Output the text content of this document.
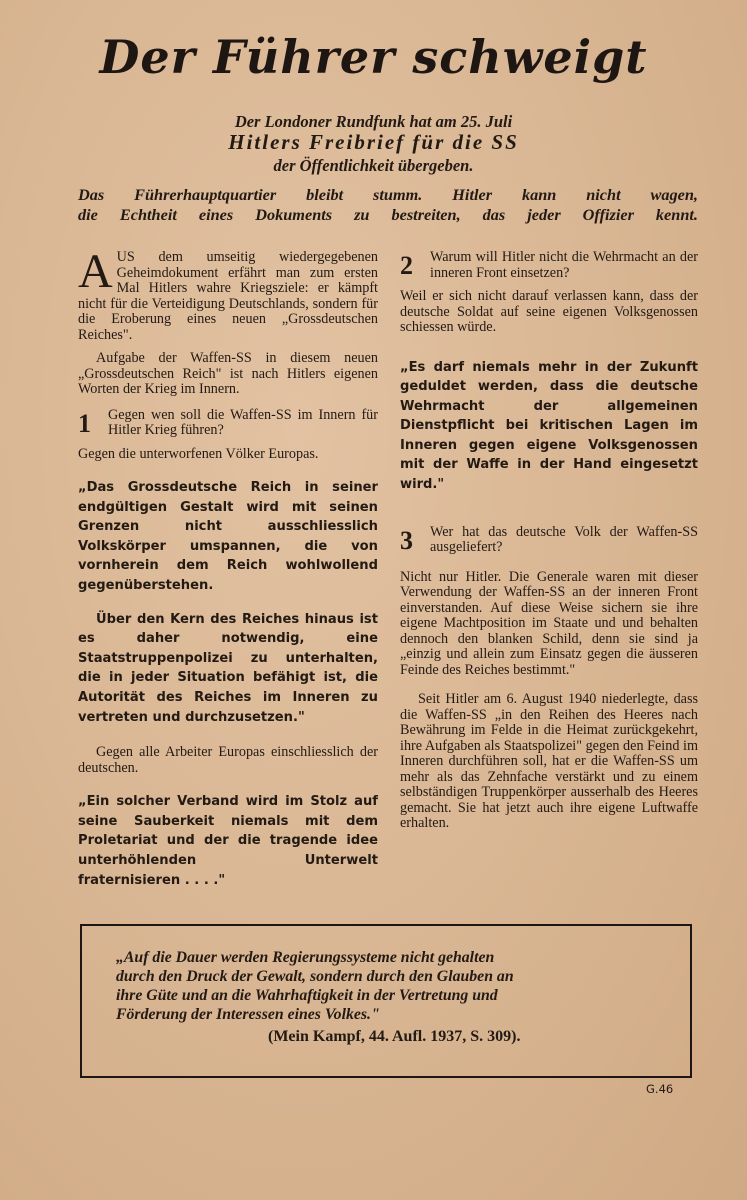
Der Führer schweigt
Der Londoner Rundfunk hat am 25. Juli
Hitlers Freibrief für die SS
der Öffentlichkeit übergeben.
Das Führerhauptquartier bleibt stumm. Hitler kann nicht wagen,
die Echtheit eines Dokuments zu bestreiten, das jeder Offizier kennt.
A US dem umseitig wiedergegebenen Geheimdokument erfährt man zum ersten Mal Hitlers wahre Kriegsziele: er kämpft nicht für die Verteidigung Deutschlands, sondern für die Eroberung eines neuen „Grossdeutschen Reiches".

Aufgabe der Waffen-SS in diesem neuen „Grossdeutschen Reich" ist nach Hitlers eigenen Worten der Krieg im Innern.

1	Gegen wen soll die Waffen-SS im Innern für Hitler Krieg führen?

Gegen die unterworfenen Völker Europas.

„Das Grossdeutsche Reich in seiner endgültigen Gestalt wird mit seinen Grenzen nicht ausschliesslich Volkskörper umspannen, die von vornherein dem Reich wohlwollend gegenüberstehen.

Über den Kern des Reiches hinaus ist es daher notwendig, eine Staatstruppenpolizei zu unterhalten, die in jeder Situation befähigt ist, die Autorität des Reiches im Inneren zu vertreten und durchzusetzen."

Gegen alle Arbeiter Europas einschliesslich der deutschen.

„Ein solcher Verband wird im Stolz auf seine Sauberkeit niemals mit dem Proletariat und der die tragende idee unterhöhlenden Unterwelt fraternisieren . . . ."

2	Warum will Hitler nicht die Wehrmacht an der inneren Front einsetzen?

Weil er sich nicht darauf verlassen kann, dass der deutsche Soldat auf seine eigenen Volksgenossen schiessen würde.

„Es darf niemals mehr in der Zukunft geduldet werden, dass die deutsche Wehrmacht der allgemeinen Dienstpflicht bei kritischen Lagen im Inneren gegen eigene Volksgenossen mit der Waffe in der Hand eingesetzt wird."

3	Wer hat das deutsche Volk der Waffen-SS ausgeliefert?

Nicht nur Hitler. Die Generale waren mit dieser Verwendung der Waffen-SS an der inneren Front einverstanden. Auf diese Weise sichern sie ihre eigene Machtposition im Staate und und behalten dennoch den blanken Schild, denn sie sind ja „einzig und allein zum Einsatz gegen die äusseren Feinde des Reiches bestimmt."

Seit Hitler am 6. August 1940 niederlegte, dass die Waffen-SS „in den Reihen des Heeres nach Bewährung im Felde in die Heimat zurückgekehrt, ihre Aufgaben als Staatspolizei" gegen den Feind im Inneren durchführen soll, hat er die Waffen-SS um mehr als das Zehnfache verstärkt und zu einem selbständigen Truppenkörper ausserhalb des Heeres gemacht. Sie hat jetzt auch ihre eigene Luftwaffe erhalten.

„Auf die Dauer werden Regierungssysteme nicht gehalten
durch den Druck der Gewalt, sondern durch den Glauben an
ihre Güte und an die Wahrhaftigkeit in der Vertretung und
Förderung der Interessen eines Volkes."
(Mein Kampf, 44. Aufl. 1937, S. 309).
G.46
